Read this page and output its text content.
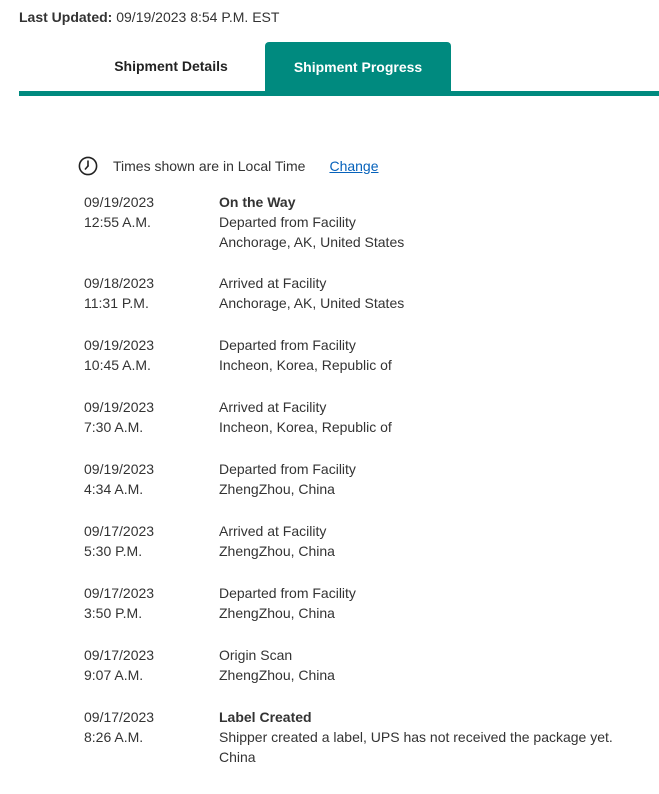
Last Updated: 09/19/2023 8:54 P.M. EST
Shipment Details	Shipment Progress
Times shown are in Local Time Change
09/19/2023
12:55 A.M.
On the Way
Departed from Facility
Anchorage, AK, United States
09/18/2023
11:31 P.M.
Arrived at Facility
Anchorage, AK, United States
09/19/2023
10:45 A.M.
Departed from Facility
Incheon, Korea, Republic of
09/19/2023
7:30 A.M.
Arrived at Facility
Incheon, Korea, Republic of
09/19/2023
4:34 A.M.
Departed from Facility
ZhengZhou, China
09/17/2023
5:30 P.M.
Arrived at Facility
ZhengZhou, China
09/17/2023
3:50 P.M.
Departed from Facility
ZhengZhou, China
09/17/2023
9:07 A.M.
Origin Scan
ZhengZhou, China
09/17/2023
8:26 A.M.
Label Created
Shipper created a label, UPS has not received the package yet.
China
